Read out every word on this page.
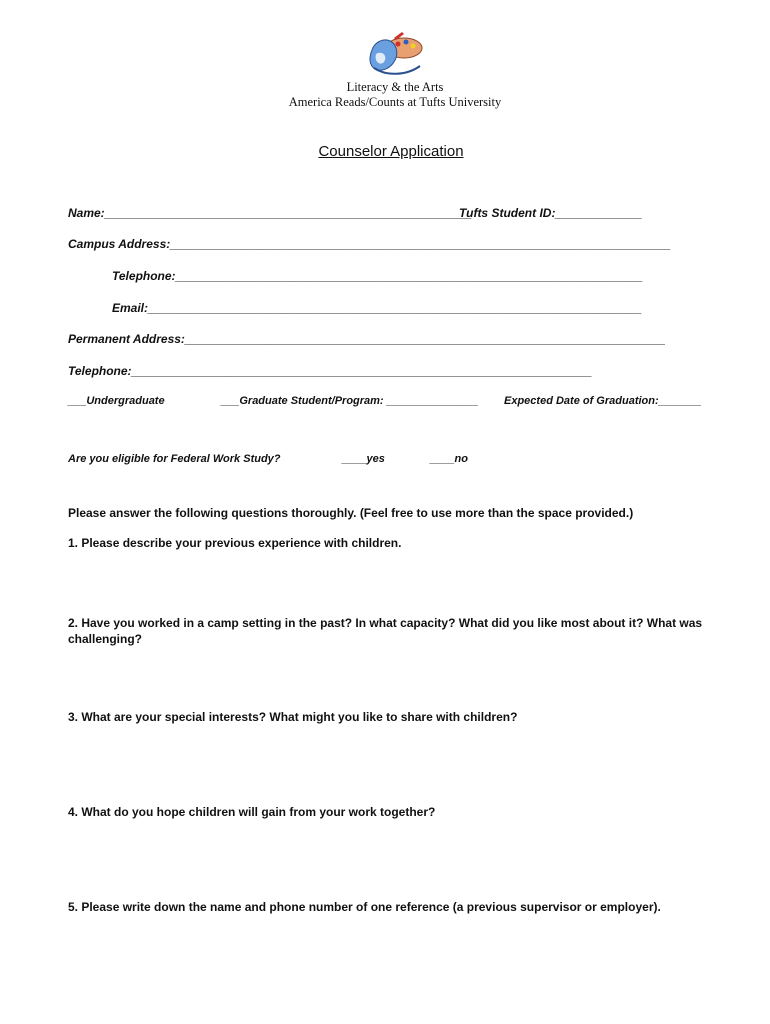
Literacy & the Arts
America Reads/Counts at Tufts University
Counselor Application
Name:_______________________________________________________
Tufts Student ID:_____________
Campus Address:___________________________________________________________________________
Telephone:______________________________________________________________________
Email:__________________________________________________________________________
Permanent Address:________________________________________________________________________
Telephone:_____________________________________________________________________
___Undergraduate	___Graduate Student/Program: _______________ Expected Date of Graduation:_______
Are you eligible for Federal Work Study?	____yes	____no
Please answer the following questions thoroughly. (Feel free to use more than the space provided.)
1. Please describe your previous experience with children.
2. Have you worked in a camp setting in the past? In what capacity? What did you like most about it? What was challenging?
3. What are your special interests? What might you like to share with children?
4. What do you hope children will gain from your work together?
5. Please write down the name and phone number of one reference (a previous supervisor or employer).
